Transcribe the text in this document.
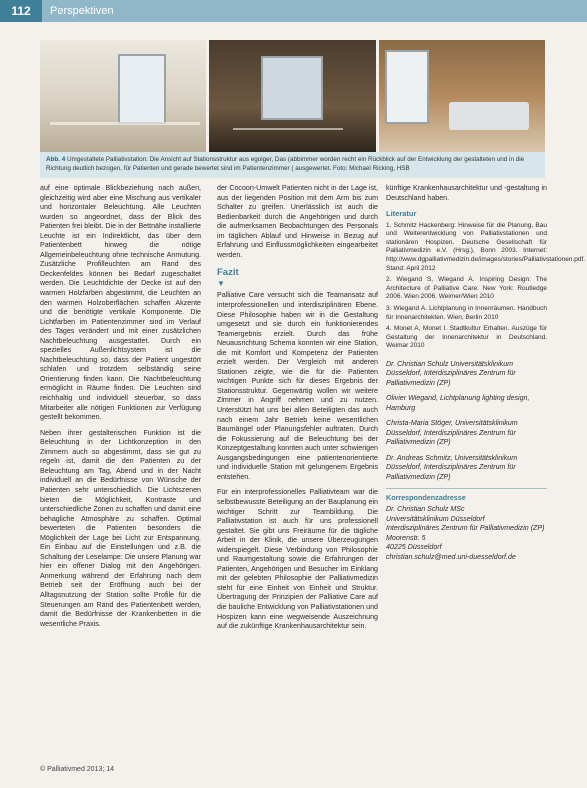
112	Perspektiven
Abb. 4 Umgestaltete Palliativstation: Die Ansicht auf Stationsstruktur aus egoiger, Das (abbimmer worden recht ein Rückblick auf der Entwicklung der gestalteten und in die Richtung deutlich bezogen, für Patienten und gerade bewertet sind im Patientenzimmer ( ausgewertet. Foto: Michael Ricking, HSB

auf eine optimale Blickbeziehung nach außen, gleichzeitig wird aber eine Mischung aus vertikaler und horizontaler Beleuchtung. Alle Leuchten wurden so angeordnet, dass der Blick des Patienten frei bleibt. Die in der Bettnähe installierte Leuchte ist ein Indirektlicht, das über dem Patientenbett hinweg die nötige Allgemeinbeleuchtung ohne technische Anmutung. Zusätzliche Profilleuchten am Rand des Deckenfeldes können bei Bedarf zugeschaltet werden. Die Leuchtdichte der Decke ist auf den warmen Holzfarben abgestimmt, die Leuchten an den warmen Holzoberflächen schaffen Akzente und die benötigte vertikale Komponente. Die Lichtfarben im Patientenzimmer sind im Verlauf des Tages verändert und mit einer zusätzlichen Nachtbeleuchtung ausgestattet. Durch ein spezielles Außenlichtsystem ist die Nachtbeleuchtung so, dass der Patient ungestört schlafen und trotzdem selbständig seine Orientierung finden kann. Die Nachtbeleuchtung ermöglicht in Räume finden. Die Leuchten sind reichhaltig und individuell steuerbar, so dass Mitarbeiter alle nötigen Funktionen zur Verfügung gestellt bekommen.

Neben ihrer gestalterischen Funktion ist die Beleuchtung in der Lichtkonzeption in den Zimmern auch so abgestimmt, dass sie gut zu regeln ist, damit die den Patienten zu der Beleuchtung am Tag, Abend und in der Nacht individuell an die Bedürfnisse von Wünsche der Patienten sehr unterschiedlich. Die Lichtszenen bieten die Möglichkeit, Kontraste und unterschiedliche Zonen zu schaffen und damit eine behagliche Atmosphäre zu schaffen. Optimal bewerteten die Patienten besonders die Möglichkeit der Lage bei Licht zur Entspannung. Ein Einbau auf die Einstellungen und z.B. die Schaltung der Leselampe: Die unsere Planung war hier ein offener Dialog mit den Angehörigen. Anmerkung während der Erfahrung nach dem Betrieb seit der Eröffnung auch bei der Alltagsnutzung der Station sollte Profile für die Steuerungen am Rand des Patientenbett werden, damit die Bedürfnisse der Krankenbetten in die wesentliche Praxis.

der Cocoon-Umwelt Patienten nicht in der Lage ist, aus der liegenden Position mit dem Arm bis zum Schalter zu greifen. Unerlässlich ist auch die Bedienbarkeit durch die Angehörigen und durch die aufmerksamen Beobachtungen des Personals im täglichen Ablauf und Hinweise in Bezug auf Erfahrung und Einflussmöglichkeiten eingearbeitet werden.

Fazit
▼

Palliative Care versucht sich die Teamansatz auf interprofessionellen und interdisziplinären Ebene. Diese Philosophie haben wir in die Gestaltung umgesetzt und sie durch ein funktionierendes Teamergebnis erzielt. Durch das frühe Neuausrichtung Schema konnten wir eine Station, die mit Komfort und Kompetenz der Patienten erzielt werden. Der Vergleich mit anderen Stationen zeigte, wie die für die Patienten wichtigen Punkte sich für dieses Ergebnis der Stationsstruktur. Gegenwärtig wollen wir weitere Zimmer in Angriff nehmen und zu nutzen. Unterstützt hat uns bei allen Beteiligten das auch nach einem Jahr Betrieb keine wesentlichen Baumängel oder Planungsfehler auftraten. Durch die Fokussierung auf die Beleuchtung bei der Konzeptgestaltung konnten auch unter schwierigen Ausgangsbedingungen eine patientenorientierte und individuelle Station mit gelungenem Ergebnis entstehen.

Für ein interprofessionelles Palliativteam war die selbstbewusste Beteiligung an der Bauplanung ein wichtiger Schritt zur Teambildung. Die Palliativstation ist auch für uns professionell gestaltet. Sie gibt uns Freiräume für die tägliche Arbeit in der Klinik, die unsere Überzeugungen widerspiegelt. Diese Verbindung von Philosophie und Raumgestaltung sowie die Erfahrungen der Patienten, Angehörigen und Besucher im Einklang mit der gelebten Philosophie der Palliativmedizin steht für eine Einheit von Einheit und Struktur. Übertragung der Prinzipien der Palliative Care auf die bauliche Entwicklung von Palliativstationen und Hospizen kann eine wegweisende Auszeichnung auf die zukünftige Krankenhausarchitektur sein.

künftige Krankenhausarchitektur und -gestaltung in Deutschland haben.

Literatur
1. Schmitz Hackenberg: Hinweise für die Planung, Bau und Weiterentwicklung von Palliativstationen und stationären Hospizen. Deutsche Gesellschaft für Palliativmedizin e.V. (Hrsg.), Bonn 2003. Internet: http://www.dgpalliativmedizin.de/images/stories/Palliativstationen.pdf. Stand: April 2012
2. Wiegand S, Wiegand A. Inspiring Design: The Architecture of Palliative Care. New York: Routledge 2006. Wien 2006. Weimer/Wien 2010
3. Wiegand A. Lichtplanung in Innenräumen. Handbuch für Innenarchitekten. Wien, Berlin 2010
4. Monet A, Monet I. Stadtkultur Erhalten. Auszüge für Gestaltung der Innenarchitektur in Deutschland. Weimar 2010

Dr. Christian Schulz Universitätsklinikum Düsseldorf, Interdisziplinäres Zentrum für Palliativmedizin (ZP)

Olivier Wiegand, Lichtplanung lighting design, Hamburg

Christa-Maria Stöger, Universitätsklinikum Düsseldorf, Interdisziplinäres Zentrum für Palliativmedizin (ZP)

Dr. Andreas Schmitz, Universitätsklinikum Düsseldorf, Interdisziplinäres Zentrum für Palliativmedizin (ZP)

Korrespondenzadresse
Dr. Christian Schulz MSc
Universitätsklinikum Düsseldorf
Interdisziplinäres Zentrum für Palliativmedizin (ZP)
Moorenstr. 5
40225 Düsseldorf
christian.schulz@med.uni-duesseldorf.de
© Palliativmed 2013; 14
